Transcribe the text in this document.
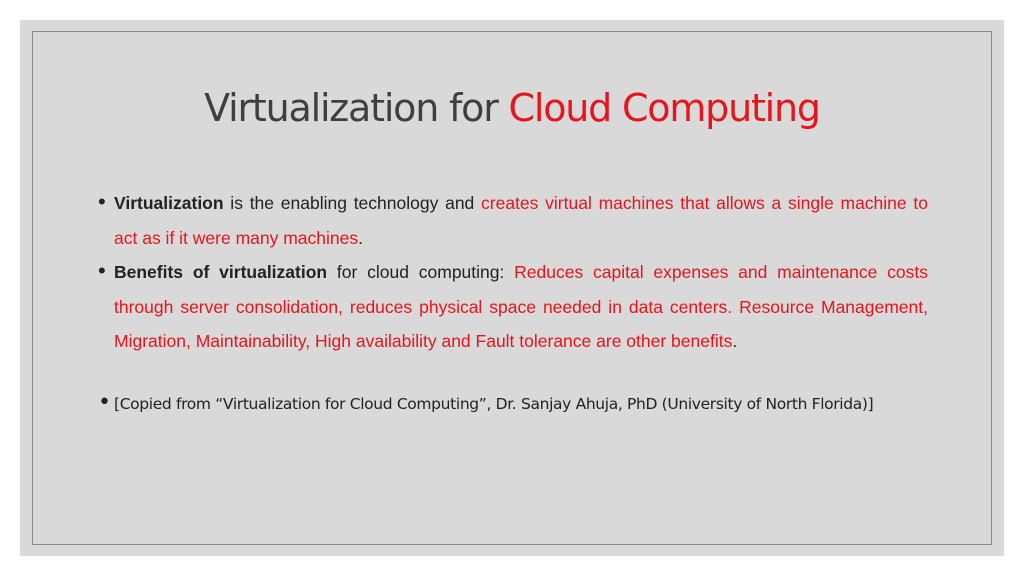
Virtualization for Cloud Computing
• Virtualization is the enabling technology and creates virtual machines that allows a single machine to act as if it were many machines.
• Benefits of virtualization for cloud computing: Reduces capital expenses and maintenance costs through server consolidation, reduces physical space needed in data centers. Resource Management, Migration, Maintainability, High availability and Fault tolerance are other benefits.
• [Copied from “Virtualization for Cloud Computing”, Dr. Sanjay Ahuja, PhD (University of North Florida)]
